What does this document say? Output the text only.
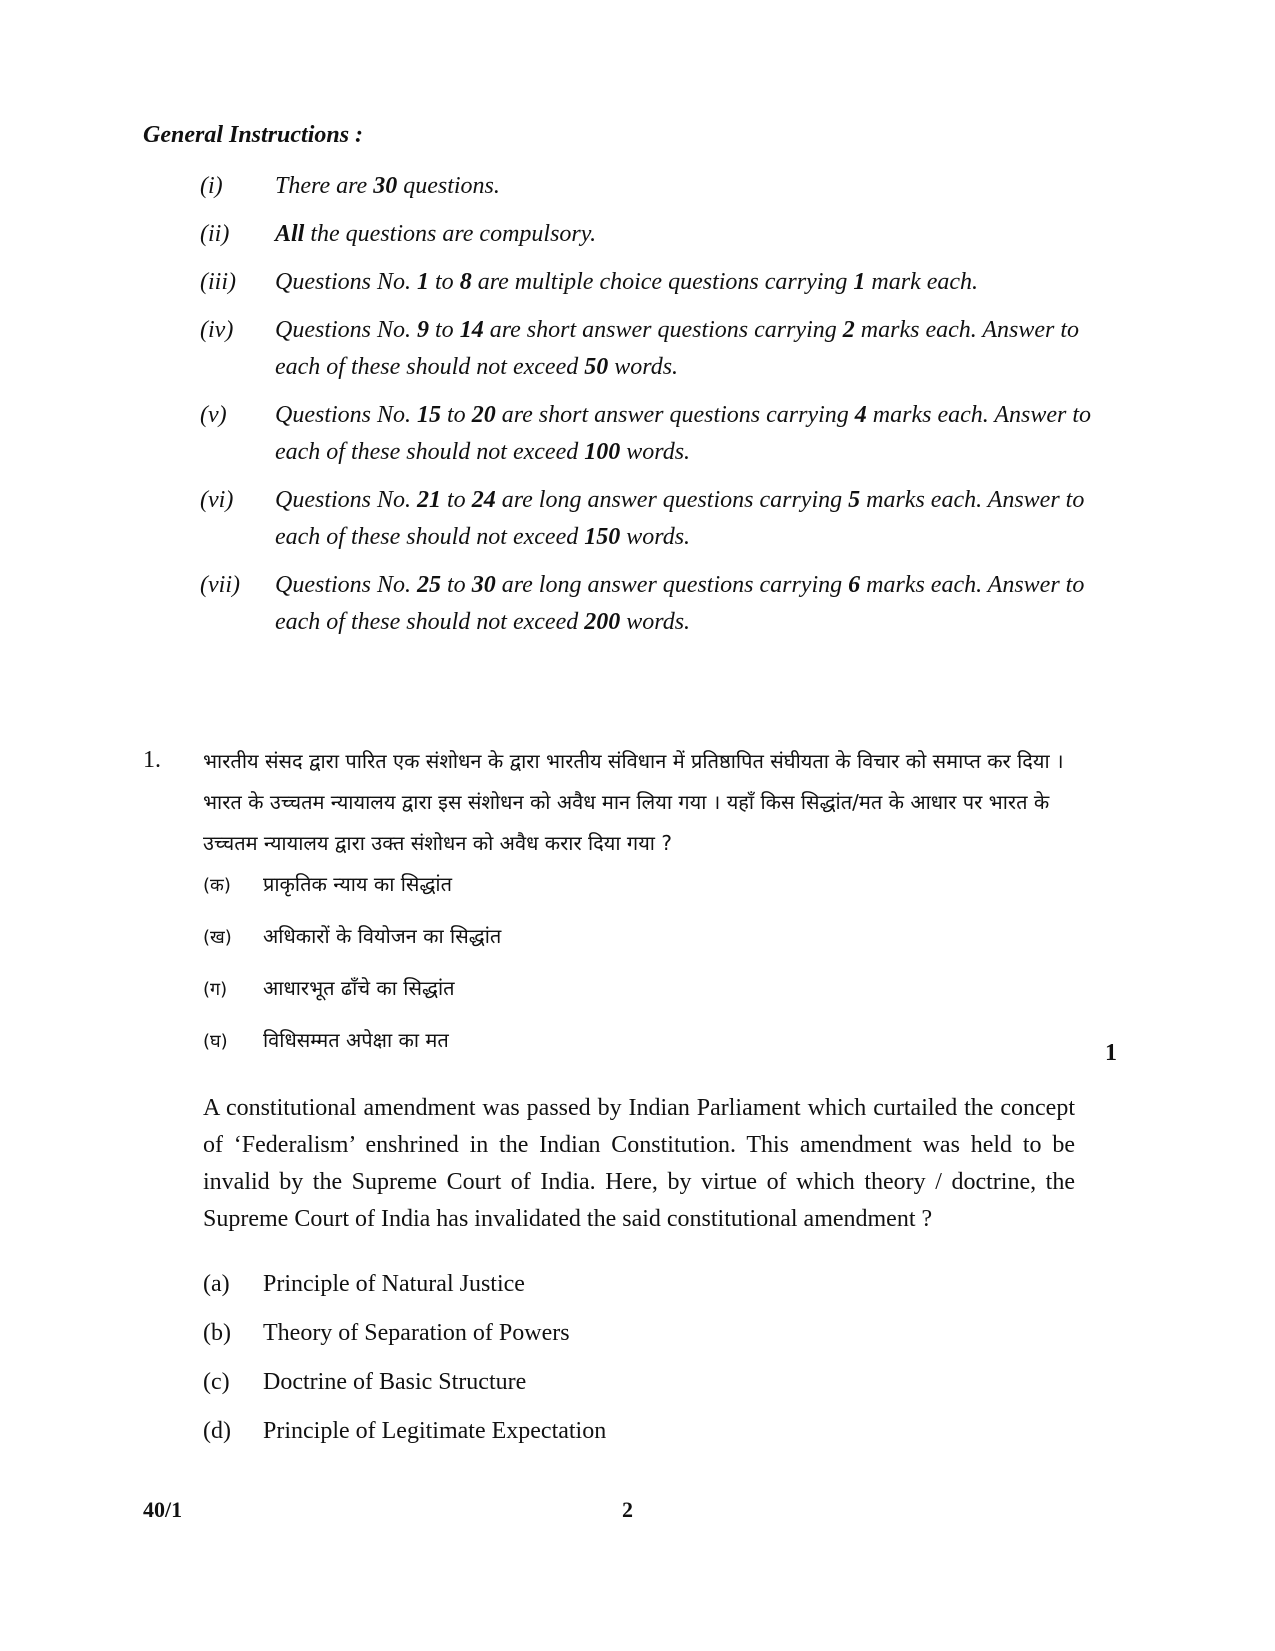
General Instructions :
(i) There are 30 questions.
(ii) All the questions are compulsory.
(iii) Questions No. 1 to 8 are multiple choice questions carrying 1 mark each.
(iv) Questions No. 9 to 14 are short answer questions carrying 2 marks each. Answer to each of these should not exceed 50 words.
(v) Questions No. 15 to 20 are short answer questions carrying 4 marks each. Answer to each of these should not exceed 100 words.
(vi) Questions No. 21 to 24 are long answer questions carrying 5 marks each. Answer to each of these should not exceed 150 words.
(vii) Questions No. 25 to 30 are long answer questions carrying 6 marks each. Answer to each of these should not exceed 200 words.
1. भारतीय संसद द्वारा पारित एक संशोधन के द्वारा भारतीय संविधान में प्रतिष्ठापित संघीयता के विचार को समाप्त कर दिया । भारत के उच्चतम न्यायालय द्वारा इस संशोधन को अवैध मान लिया गया । यहाँ किस सिद्धांत/मत के आधार पर भारत के उच्चतम न्यायालय द्वारा उक्त संशोधन को अवैध करार दिया गया ?
(क) प्राकृतिक न्याय का सिद्धांत
(ख) अधिकारों के वियोजन का सिद्धांत
(ग) आधारभूत ढाँचे का सिद्धांत
(घ) विधिसम्मत अपेक्षा का मत	1
A constitutional amendment was passed by Indian Parliament which curtailed the concept of ‘Federalism’ enshrined in the Indian Constitution. This amendment was held to be invalid by the Supreme Court of India. Here, by virtue of which theory / doctrine, the Supreme Court of India has invalidated the said constitutional amendment ?
(a) Principle of Natural Justice
(b) Theory of Separation of Powers
(c) Doctrine of Basic Structure
(d) Principle of Legitimate Expectation
40/1	2
